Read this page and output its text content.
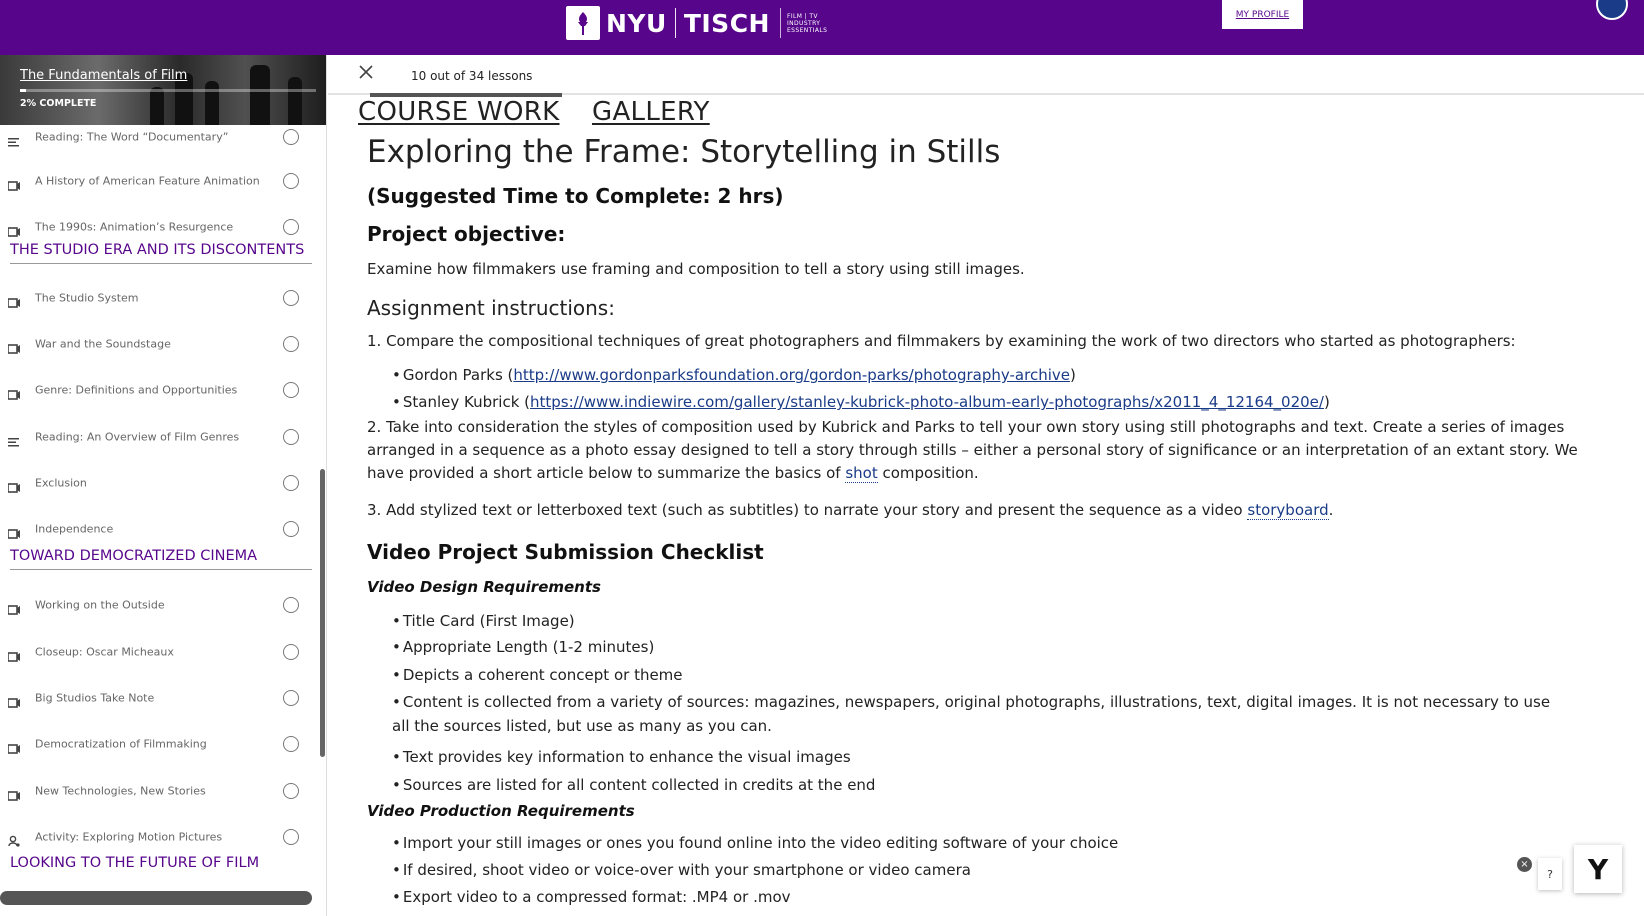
NYU TISCH	FILM | TV
INDUSTRY
ESSENTIALS
MY PROFILE
The Fundamentals of Film
2% COMPLETE
Reading: The Word “Documentary”
A History of American Feature Animation
The 1990s: Animation’s Resurgence
THE STUDIO ERA AND ITS DISCONTENTS
The Studio System
War and the Soundstage
Genre: Definitions and Opportunities
Reading: An Overview of Film Genres
Exclusion
Independence
TOWARD DEMOCRATIZED CINEMA
Working on the Outside
Closeup: Oscar Micheaux
Big Studios Take Note
Democratization of Filmmaking
New Technologies, New Stories
Activity: Exploring Motion Pictures
LOOKING TO THE FUTURE OF FILM
10 out of 34 lessons
COURSE WORK GALLERY
Exploring the Frame: Storytelling in Stills
(Suggested Time to Complete: 2 hrs)
Project objective:
Examine how filmmakers use framing and composition to tell a story using still images.
Assignment instructions:
1. Compare the compositional techniques of great photographers and filmmakers by examining the work of two directors who started as photographers:
• Gordon Parks (http://www.gordonparksfoundation.org/gordon-parks/photography-archive)
• Stanley Kubrick (https://www.indiewire.com/gallery/stanley-kubrick-photo-album-early-photographs/x2011_4_12164_020e/)
2. Take into consideration the styles of composition used by Kubrick and Parks to tell your own story using still photographs and text. Create a series of images arranged in a sequence as a photo essay designed to tell a story through stills – either a personal story of significance or an interpretation of an extant story. We have provided a short article below to summarize the basics of shot composition.
3. Add stylized text or letterboxed text (such as subtitles) to narrate your story and present the sequence as a video storyboard.
Video Project Submission Checklist
Video Design Requirements
• Title Card (First Image)
• Appropriate Length (1-2 minutes)
• Depicts a coherent concept or theme
• Content is collected from a variety of sources: magazines, newspapers, original photographs, illustrations, text, digital images. It is not necessary to use all the sources listed, but use as many as you can.
• Text provides key information to enhance the visual images
• Sources are listed for all content collected in credits at the end
Video Production Requirements
• Import your still images or ones you found online into the video editing software of your choice
• If desired, shoot video or voice-over with your smartphone or video camera
• Export video to a compressed format: .MP4 or .mov
×
?	Y
